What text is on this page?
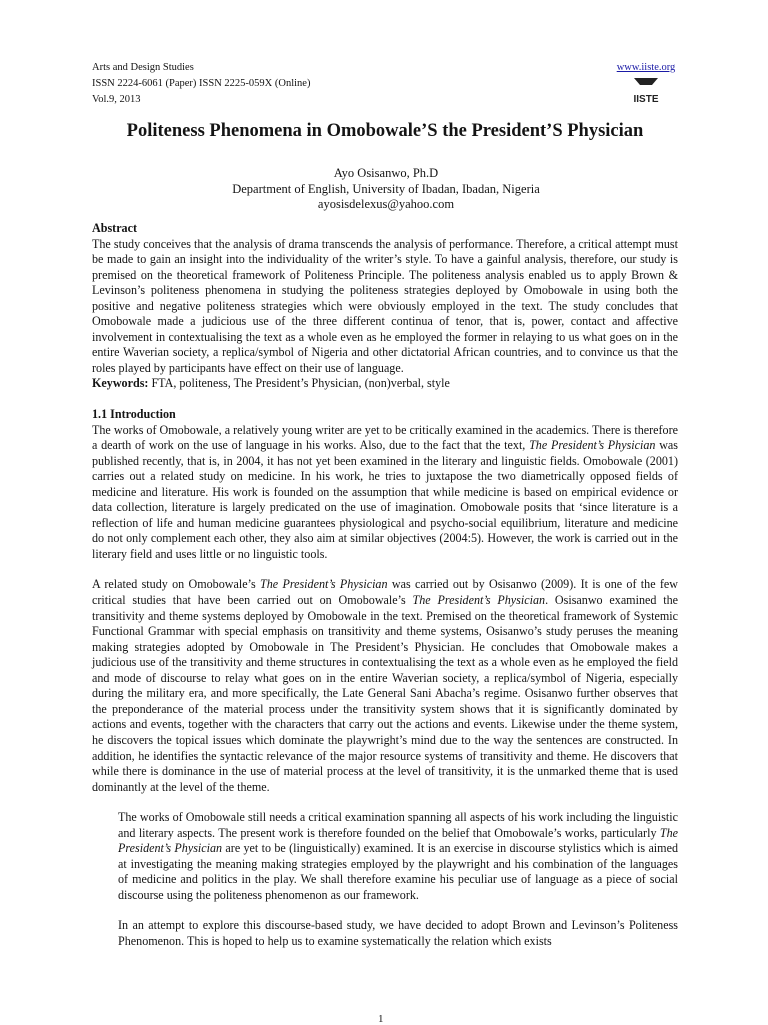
Arts and Design Studies
ISSN 2224-6061 (Paper) ISSN 2225-059X (Online)
Vol.9, 2013
www.iiste.org
IISTE
Politeness Phenomena in Omobowale’S the President’S Physician
Ayo Osisanwo, Ph.D
Department of English, University of Ibadan, Ibadan, Nigeria
ayosisdelexus@yahoo.com

Abstract

The study conceives that the analysis of drama transcends the analysis of performance. Therefore, a critical attempt must be made to gain an insight into the individuality of the writer’s style. To have a gainful analysis, therefore, our study is premised on the theoretical framework of Politeness Principle. The politeness analysis enabled us to apply Brown & Levinson’s politeness phenomena in studying the politeness strategies deployed by Omobowale in using both the positive and negative politeness strategies which were obviously employed in the text. The study concludes that Omobowale made a judicious use of the three different continua of tenor, that is, power, contact and affective involvement in contextualising the text as a whole even as he employed the former in relaying to us what goes on in the entire Waverian society, a replica/symbol of Nigeria and other dictatorial African countries, and to convince us that the roles played by participants have effect on their use of language.

Keywords: FTA, politeness, The President’s Physician, (non)verbal, style

1.1 Introduction

The works of Omobowale, a relatively young writer are yet to be critically examined in the academics. There is therefore a dearth of work on the use of language in his works. Also, due to the fact that the text, The President’s Physician was published recently, that is, in 2004, it has not yet been examined in the literary and linguistic fields. Omobowale (2001) carries out a related study on medicine. In his work, he tries to juxtapose the two diametrically opposed fields of medicine and literature. His work is founded on the assumption that while medicine is based on empirical evidence or data collection, literature is largely predicated on the use of imagination. Omobowale posits that ‘since literature is a reflection of life and human medicine guarantees physiological and psycho-social equilibrium, literature and medicine do not only complement each other, they also aim at similar objectives (2004:5). However, the work is carried out in the literary field and uses little or no linguistic tools.

A related study on Omobowale’s The President’s Physician was carried out by Osisanwo (2009). It is one of the few critical studies that have been carried out on Omobowale’s The President’s Physician. Osisanwo examined the transitivity and theme systems deployed by Omobowale in the text. Premised on the theoretical framework of Systemic Functional Grammar with special emphasis on transitivity and theme systems, Osisanwo’s study peruses the meaning making strategies adopted by Omobowale in The President’s Physician. He concludes that Omobowale makes a judicious use of the transitivity and theme structures in contextualising the text as a whole even as he employed the field and mode of discourse to relay what goes on in the entire Waverian society, a replica/symbol of Nigeria, especially during the military era, and more specifically, the Late General Sani Abacha’s regime. Osisanwo further observes that the preponderance of the material process under the transitivity system shows that it is significantly dominated by actions and events, together with the characters that carry out the actions and events. Likewise under the theme system, he discovers the topical issues which dominate the playwright’s mind due to the way the sentences are constructed. In addition, he identifies the syntactic relevance of the major resource systems of transitivity and theme. He discovers that while there is dominance in the use of material process at the level of transitivity, it is the unmarked theme that is used dominantly at the level of the theme.

The works of Omobowale still needs a critical examination spanning all aspects of his work including the linguistic and literary aspects. The present work is therefore founded on the belief that Omobowale’s works, particularly The President’s Physician are yet to be (linguistically) examined. It is an exercise in discourse stylistics which is aimed at investigating the meaning making strategies employed by the playwright and his combination of the languages of medicine and politics in the play. We shall therefore examine his peculiar use of language as a piece of social discourse using the politeness phenomenon as our framework.

In an attempt to explore this discourse-based study, we have decided to adopt Brown and Levinson’s Politeness Phenomenon. This is hoped to help us to examine systematically the relation which exists

1
